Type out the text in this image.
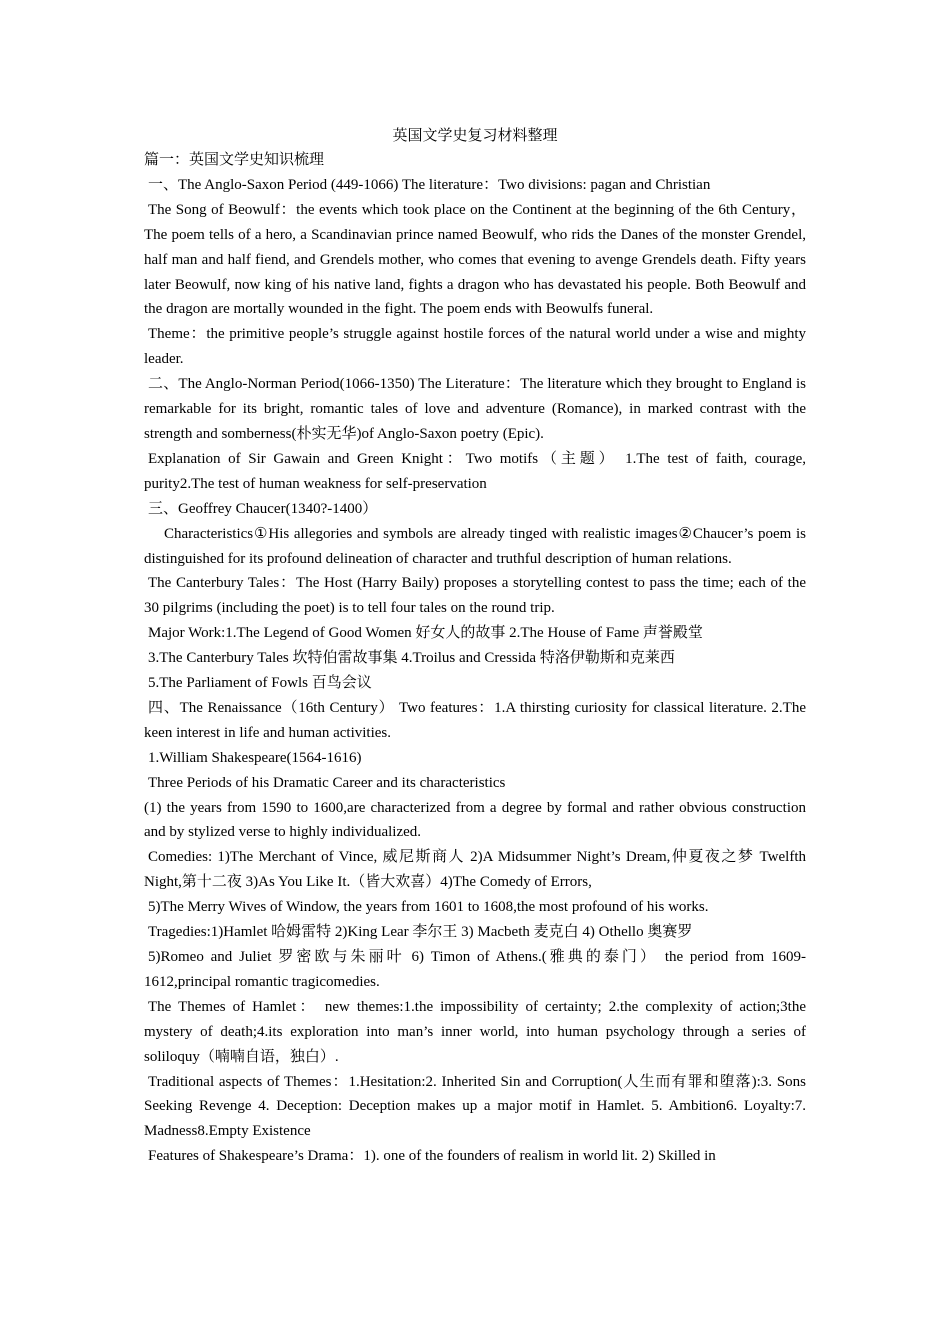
英国文学史复习材料整理

篇一：英国文学史知识梳理

一、The Anglo-Saxon Period (449-1066) The literature：Two divisions: pagan and Christian

The Song of Beowulf：the events which took place on the Continent at the beginning of the 6th Century，The poem tells of a hero, a Scandinavian prince named Beowulf, who rids the Danes of the monster Grendel, half man and half fiend, and Grendels mother, who comes that evening to avenge Grendels death. Fifty years later Beowulf, now king of his native land, fights a dragon who has devastated his people. Both Beowulf and the dragon are mortally wounded in the fight. The poem ends with Beowulfs funeral.

Theme：the primitive people’s struggle against hostile forces of the natural world under a wise and mighty leader.

二、The Anglo-Norman Period(1066-1350) The Literature：The literature which they brought to England is remarkable for its bright, romantic tales of love and adventure (Romance), in marked contrast with the strength and somberness(朴实无华)of Anglo-Saxon poetry (Epic).

Explanation of Sir Gawain and Green Knight：Two motifs（主题） 1.The test of faith, courage, purity2.The test of human weakness for self-preservation

三、Geoffrey Chaucer(1340?-1400）

Characteristics①His allegories and symbols are already tinged with realistic images②Chaucer’s poem is distinguished for its profound delineation of character and truthful description of human relations.

The Canterbury Tales：The Host (Harry Baily) proposes a storytelling contest to pass the time; each of the 30 pilgrims (including the poet) is to tell four tales on the round trip.

Major Work:1.The Legend of Good Women 好女人的故事 2.The House of Fame 声誉殿堂

3.The Canterbury Tales 坎特伯雷故事集 4.Troilus and Cressida 特洛伊勒斯和克莱西

5.The Parliament of Fowls 百鸟会议

四、The Renaissance（16th Century） Two features：1.A thirsting curiosity for classical literature. 2.The keen interest in life and human activities.

1.William Shakespeare(1564-1616)

Three Periods of his Dramatic Career and its characteristics

(1) the years from 1590 to 1600,are characterized from a degree by formal and rather obvious construction and by stylized verse to highly individualized.

Comedies: 1)The Merchant of Vince, 威尼斯商人 2)A Midsummer Night’s Dream,仲夏夜之梦 Twelfth Night,第十二夜 3)As You Like It.（皆大欢喜）4)The Comedy of Errors,

5)The Merry Wives of Window, the years from 1601 to 1608,the most profound of his works.

Tragedies:1)Hamlet 哈姆雷特 2)King Lear 李尔王 3) Macbeth 麦克白 4) Othello 奥赛罗

5)Romeo and Juliet 罗密欧与朱丽叶 6) Timon of Athens.(雅典的泰门） the period from 1609-1612,principal romantic tragicomedies.

The Themes of Hamlet： new themes:1.the impossibility of certainty; 2.the complexity of action;3the mystery of death;4.its exploration into man’s inner world, into human psychology through a series of soliloquy（喃喃自语，独白）.

Traditional aspects of Themes：1.Hesitation:2. Inherited Sin and Corruption(人生而有罪和堕落):3. Sons Seeking Revenge 4. Deception: Deception makes up a major motif in Hamlet. 5. Ambition6. Loyalty:7. Madness8.Empty Existence

Features of Shakespeare’s Drama：1). one of the founders of realism in world lit. 2) Skilled in
